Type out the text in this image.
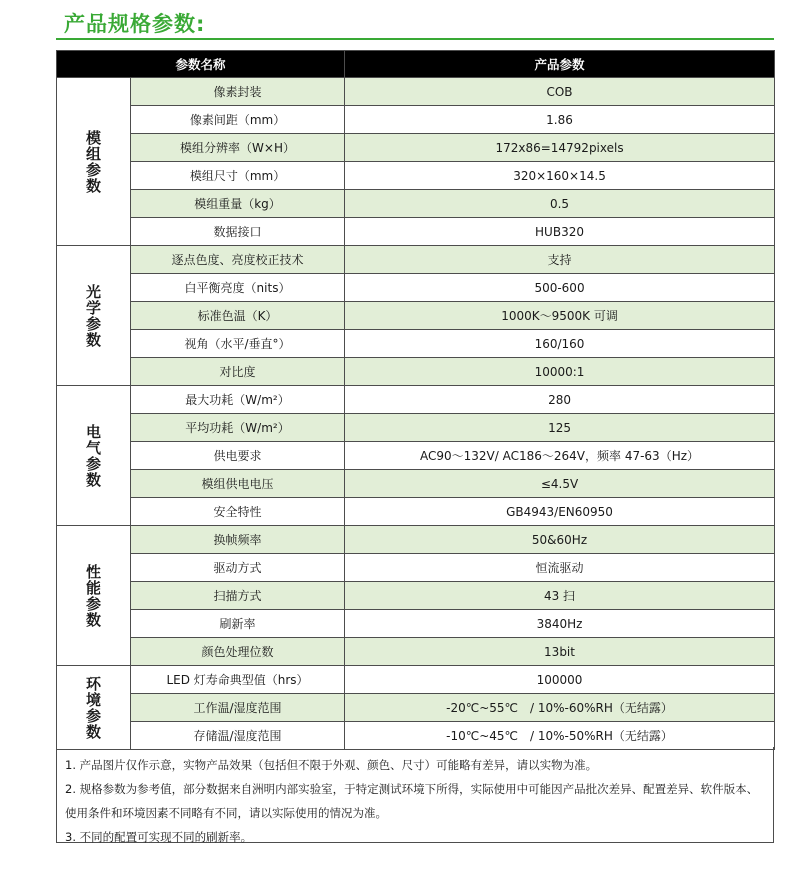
产品规格参数:
参数名称		产品参数

模
组
参
数	像素封装	COB
	像素间距（mm）	1.86
	模组分辨率（W×H）	172x86=14792pixels
	模组尺寸（mm）	320×160×14.5
	模组重量（kg）	0.5
	数据接口	HUB320

光
学
参
数	逐点色度、亮度校正技术	支持
	白平衡亮度（nits）	500-600
	标准色温（K）	1000K～9500K 可调
	视角（水平/垂直°）	160/160
	对比度	10000:1

电
气
参
数	最大功耗（W/m²）	280
	平均功耗（W/m²）	125
	供电要求	AC90～132V/ AC186～264V，频率 47-63（Hz）
	模组供电电压	≤4.5V
	安全特性	GB4943/EN60950

性
能
参
数	换帧频率	50&60Hz
	驱动方式	恒流驱动
	扫描方式	43 扫
	刷新率	3840Hz
	颜色处理位数	13bit

环
境
参
数	LED 灯寿命典型值（hrs）	100000
	工作温/湿度范围	-20℃~55℃　/ 10%-60%RH（无结露）
	存储温/湿度范围	-10℃~45℃　/ 10%-50%RH（无结露）

1. 产品图片仅作示意，实物产品效果（包括但不限于外观、颜色、尺寸）可能略有差异，请以实物为准。

2. 规格参数为参考值，部分数据来自洲明内部实验室，于特定测试环境下所得，实际使用中可能因产品批次差异、配置差异、软件版本、使用条件和环境因素不同略有不同，请以实际使用的情况为准。

3. 不同的配置可实现不同的刷新率。
